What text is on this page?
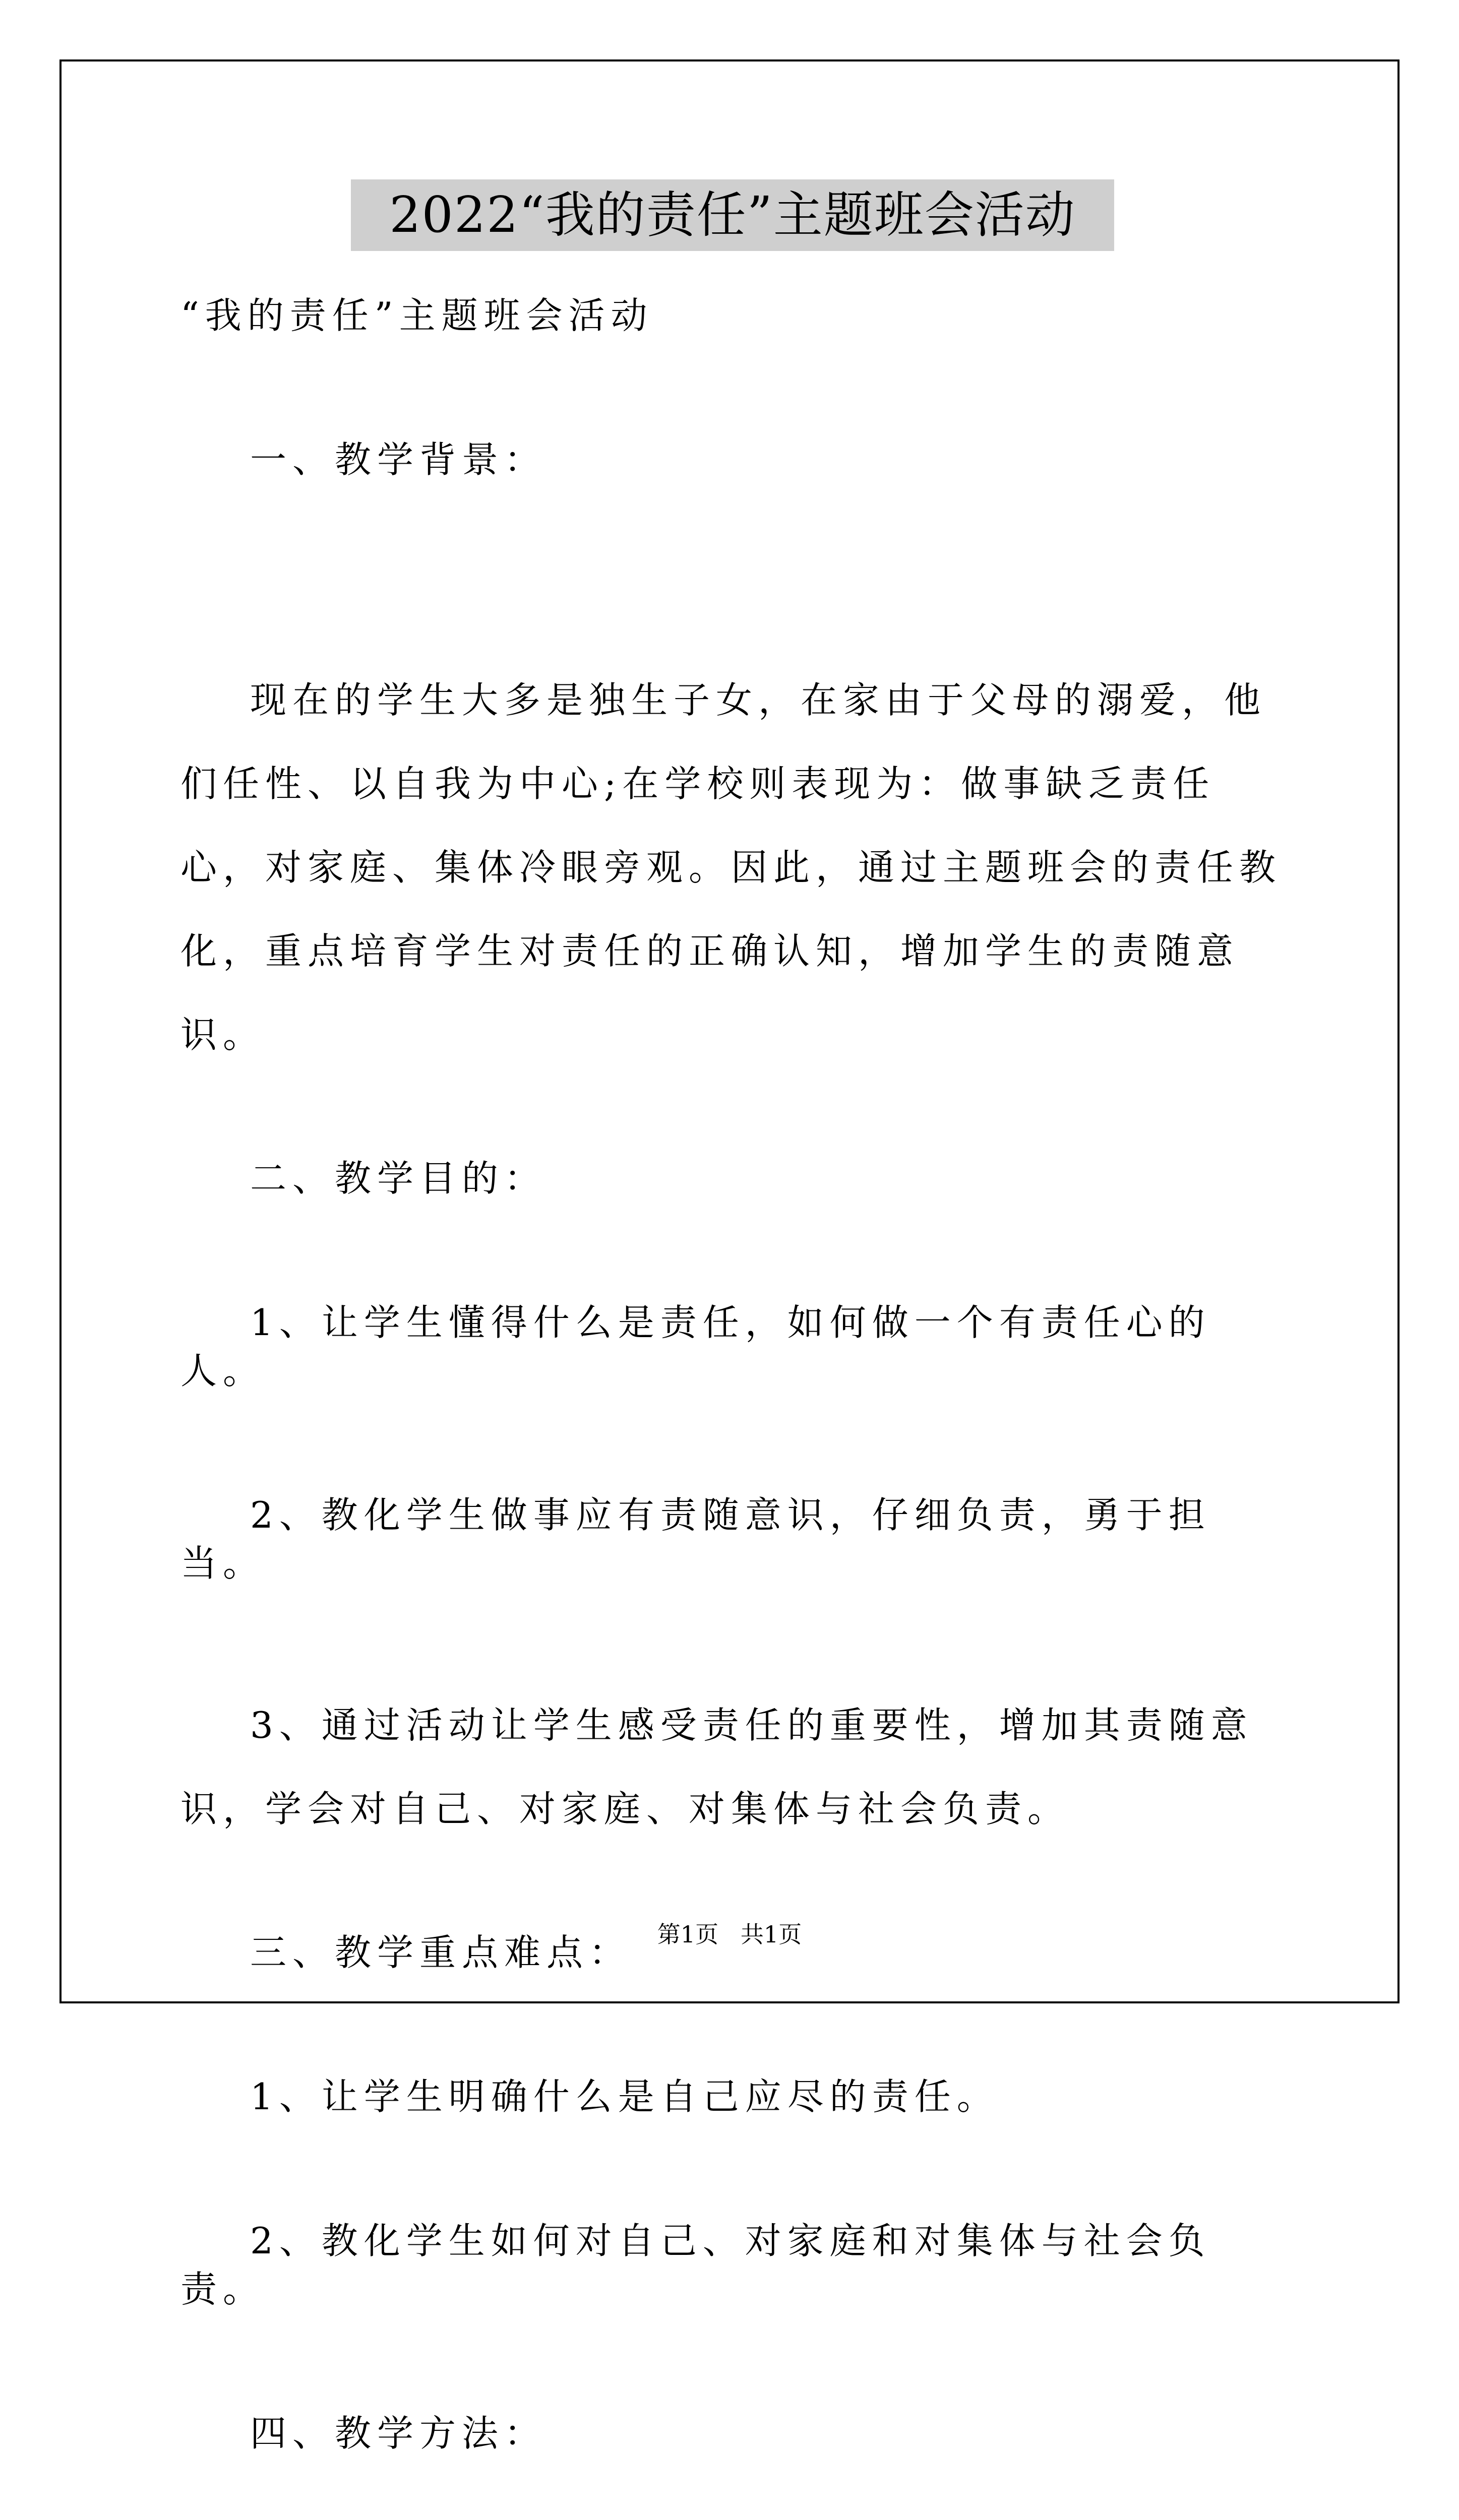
2022“我的责任”主题班会活动

“我的责任”主题班会活动

一、教学背景：

现在的学生大多是独生子女，在家由于父母的溺爱，他们任性、以自我为中心;在学校则表现为：做事缺乏责任心，对家庭、集体冷眼旁观。因此，通过主题班会的责任教化，重点培育学生对责任的正确认知，增加学生的责随意识。

二、教学目的：

1、让学生懂得什么是责任，如何做一个有责任心的人。

2、教化学生做事应有责随意识，仔细负责，勇于担当。

3、通过活动让学生感受责任的重要性，增加其责随意识，学会对自己、对家庭、对集体与社会负责。

三、教学重点难点：

1、让学生明确什么是自己应尽的责任。

2、教化学生如何对自己、对家庭和对集体与社会负责。

四、教学方法：

第1页   共1页
